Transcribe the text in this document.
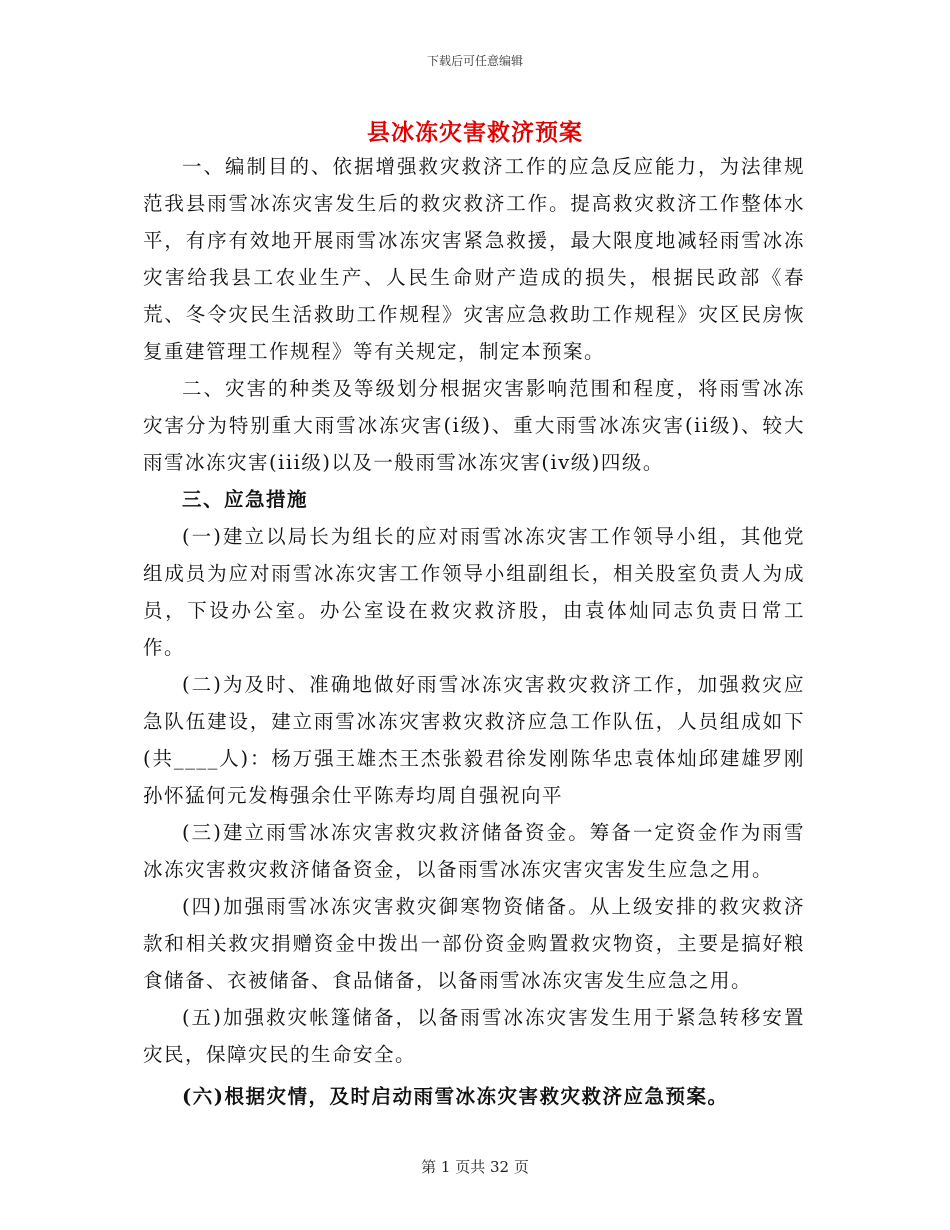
下载后可任意编辑
县冰冻灾害救济预案

一、编制目的、依据增强救灾救济工作的应急反应能力，为法律规范我县雨雪冰冻灾害发生后的救灾救济工作。提高救灾救济工作整体水平，有序有效地开展雨雪冰冻灾害紧急救援，最大限度地减轻雨雪冰冻灾害给我县工农业生产、人民生命财产造成的损失，根据民政部《春荒、冬令灾民生活救助工作规程》灾害应急救助工作规程》灾区民房恢复重建管理工作规程》等有关规定，制定本预案。

二、灾害的种类及等级划分根据灾害影响范围和程度，将雨雪冰冻灾害分为特别重大雨雪冰冻灾害(i级)、重大雨雪冰冻灾害(ii级)、较大雨雪冰冻灾害(iii级)以及一般雨雪冰冻灾害(iv级)四级。

三、应急措施

(一)建立以局长为组长的应对雨雪冰冻灾害工作领导小组，其他党组成员为应对雨雪冰冻灾害工作领导小组副组长，相关股室负责人为成员，下设办公室。办公室设在救灾救济股，由袁体灿同志负责日常工作。

(二)为及时、准确地做好雨雪冰冻灾害救灾救济工作，加强救灾应急队伍建设，建立雨雪冰冻灾害救灾救济应急工作队伍，人员组成如下(共____人)：杨万强王雄杰王杰张毅君徐发刚陈华忠袁体灿邱建雄罗刚孙怀猛何元发梅强余仕平陈寿均周自强祝向平

(三)建立雨雪冰冻灾害救灾救济储备资金。筹备一定资金作为雨雪冰冻灾害救灾救济储备资金，以备雨雪冰冻灾害灾害发生应急之用。

(四)加强雨雪冰冻灾害救灾御寒物资储备。从上级安排的救灾救济款和相关救灾捐赠资金中拨出一部份资金购置救灾物资，主要是搞好粮食储备、衣被储备、食品储备，以备雨雪冰冻灾害发生应急之用。

(五)加强救灾帐篷储备，以备雨雪冰冻灾害发生用于紧急转移安置灾民，保障灾民的生命安全。

(六)根据灾情，及时启动雨雪冰冻灾害救灾救济应急预案。

第 1 页共 32 页
